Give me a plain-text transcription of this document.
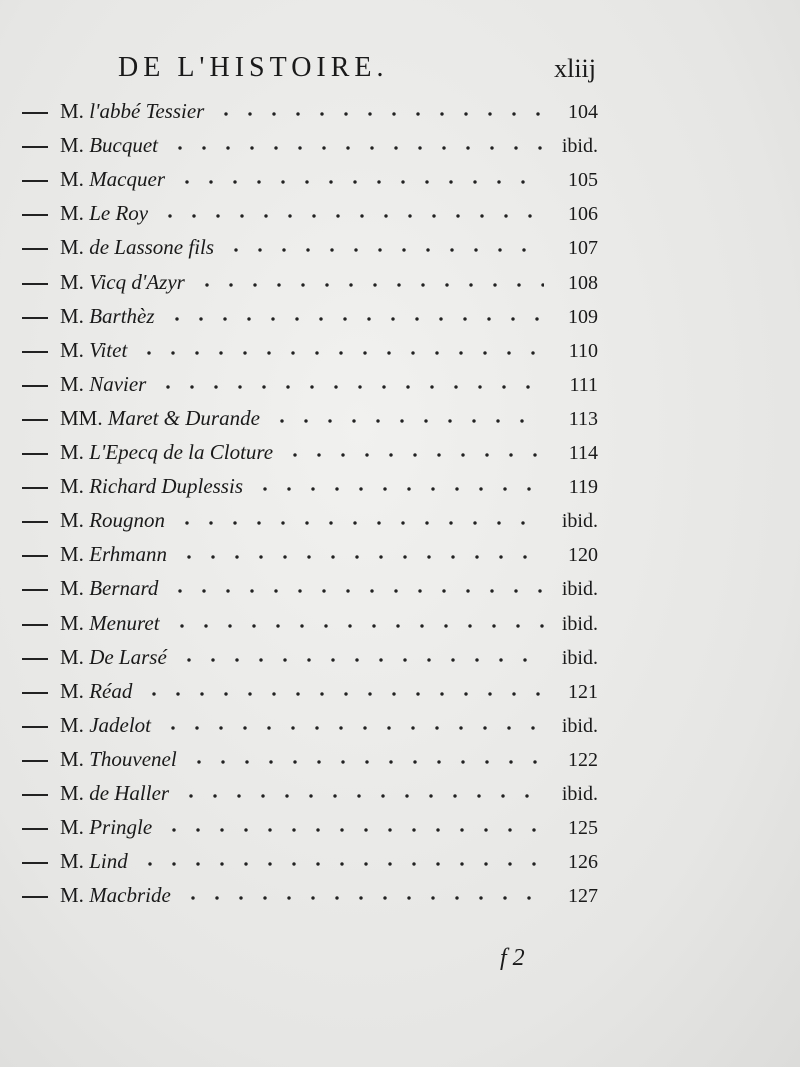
DE L'HISTOIRE.	xliij
M. l'abbé Tessier	104
M. Bucquet	ibid.
M. Macquer	105
M. Le Roy	106
M. de Lassone fils	107
M. Vicq d'Azyr	108
M. Barthèz	109
M. Vitet	110
M. Navier	111
MM. Maret & Durande	113
M. L'Epecq de la Cloture	114
M. Richard Duplessis	119
M. Rougnon	ibid.
M. Erhmann	120
M. Bernard	ibid.
M. Menuret	ibid.
M. De Larsé	ibid.
M. Réad	121
M. Jadelot	ibid.
M. Thouvenel	122
M. de Haller	ibid.
M. Pringle	125
M. Lind	126
M. Macbride	127
f 2
